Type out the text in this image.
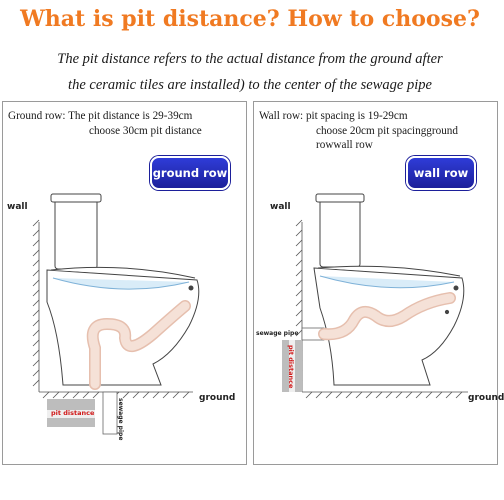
What is pit distance? How to choose?
The pit distance refers to the actual distance from the ground after
the ceramic tiles are installed) to the center of the sewage pipe
Ground row: The pit distance is 29-39cm
choose 30cm pit distance
ground row
wall
ground
pit distance	sewage pipe
Wall row: pit spacing is 19-29cm
choose 20cm pit spacingground
rowwall row
wall row
wall
ground
sewage pipe
pit distance
